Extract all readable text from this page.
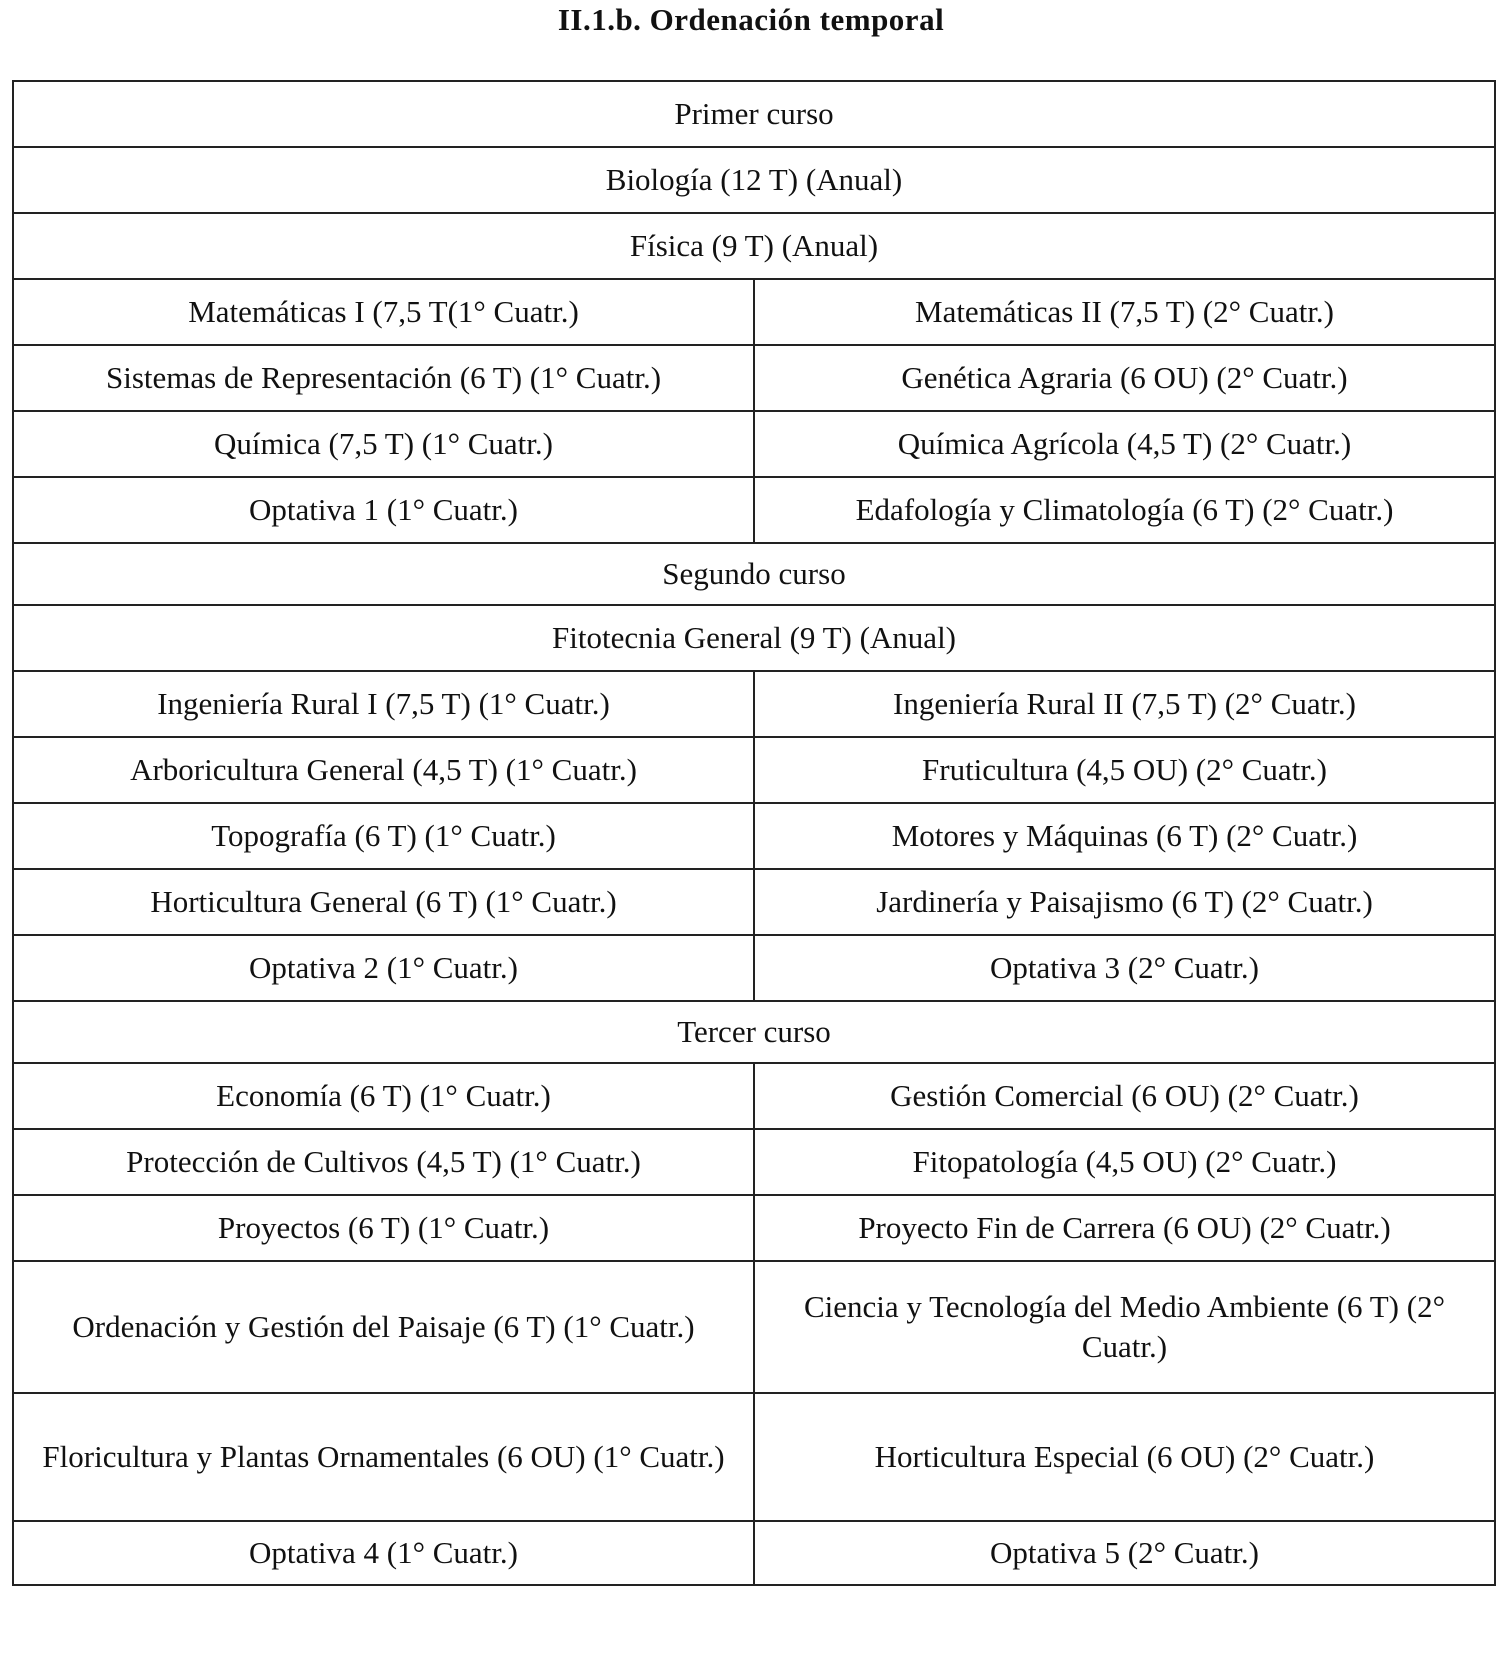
II.1.b. Ordenación temporal
Primer curso	
Biología (12 T) (Anual)	
Física (9 T) (Anual)	
Matemáticas I (7,5 T(1° Cuatr.)	Matemáticas II (7,5 T) (2° Cuatr.)
Sistemas de Representación (6 T) (1° Cuatr.)	Genética Agraria (6 OU) (2° Cuatr.)
Química (7,5 T) (1° Cuatr.)	Química Agrícola (4,5 T) (2° Cuatr.)
Optativa 1 (1° Cuatr.)	Edafología y Climatología (6 T) (2° Cuatr.)
Segundo curso	
Fitotecnia General (9 T) (Anual)	
Ingeniería Rural I (7,5 T) (1° Cuatr.)	Ingeniería Rural II (7,5 T) (2° Cuatr.)
Arboricultura General (4,5 T) (1° Cuatr.)	Fruticultura (4,5 OU) (2° Cuatr.)
Topografía (6 T) (1° Cuatr.)	Motores y Máquinas (6 T) (2° Cuatr.)
Horticultura General (6 T) (1° Cuatr.)	Jardinería y Paisajismo (6 T) (2° Cuatr.)
Optativa 2 (1° Cuatr.)	Optativa 3 (2° Cuatr.)
Tercer curso	
Economía (6 T) (1° Cuatr.)	Gestión Comercial (6 OU) (2° Cuatr.)
Protección de Cultivos (4,5 T) (1° Cuatr.)	Fitopatología (4,5 OU) (2° Cuatr.)
Proyectos (6 T) (1° Cuatr.)	Proyecto Fin de Carrera (6 OU) (2° Cuatr.)
Ordenación y Gestión del Paisaje (6 T) (1° Cuatr.)	Ciencia y Tecnología del Medio Ambiente (6 T) (2° Cuatr.)
Floricultura y Plantas Ornamentales (6 OU) (1° Cuatr.)	Horticultura Especial (6 OU) (2° Cuatr.)
Optativa 4 (1° Cuatr.)	Optativa 5 (2° Cuatr.)
